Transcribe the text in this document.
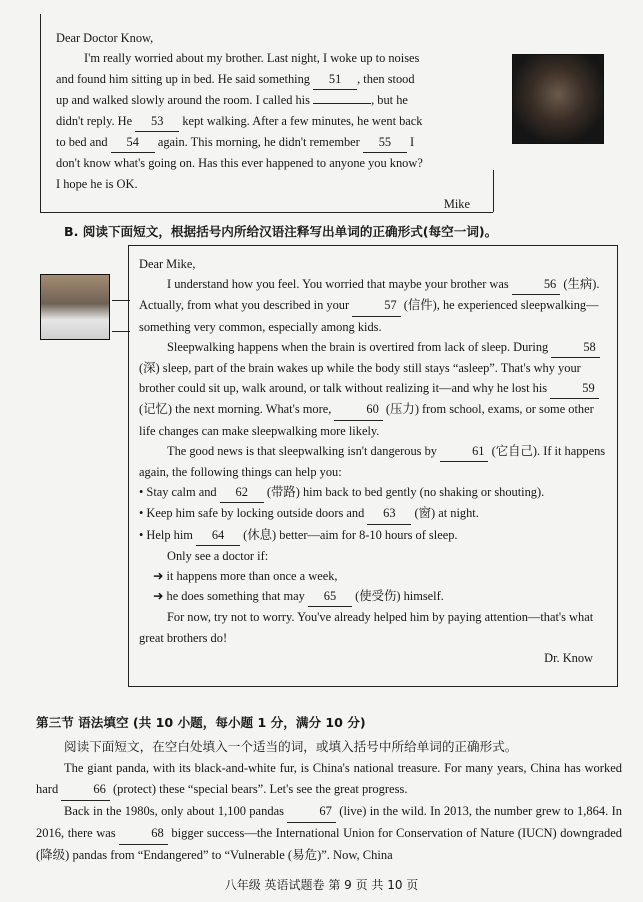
Dear Doctor Know,

I'm really worried about my brother. Last night, I woke up to noises

and found him sitting up in bed. He said something 51 , then stood

up and walked slowly around the room. I called his	, but he

didn't reply. He 53 kept walking. After a few minutes, he went back

to bed and 54 again. This morning, he didn't remember 55 I

don't know what's going on. Has this ever happened to anyone you know?

I hope he is OK.

Mike

B. 阅读下面短文，根据括号内所给汉语注释写出单词的正确形式(每空一词)。

Dear Mike,

I understand how you feel. You worried that maybe your brother was	56 (生病). Actually, from what you described in your	57 (信件), he experienced sleepwalking—something very common, especially among kids.

Sleepwalking happens when the brain is overtired from lack of sleep. During	58 (深) sleep, part of the brain wakes up while the body still stays “asleep”. That's why your brother could sit up, walk around, or talk without realizing it—and why he lost his	59 (记忆) the next morning. What's more,	60 (压力) from school, exams, or some other life changes can make sleepwalking more likely.

The good news is that sleepwalking isn't dangerous by	61 (它自己). If it happens again, the following things can help you:

• Stay calm and 62 (带路) him back to bed gently (no shaking or shouting).

• Keep him safe by locking outside doors and 63 (窗) at night.

• Help him 64 (休息) better—aim for 8-10 hours of sleep.

Only see a doctor if:

➜ it happens more than once a week,

➜ he does something that may 65 (使受伤) himself.

For now, try not to worry. You've already helped him by paying attention—that's what great brothers do!

Dr. Know

第三节 语法填空 (共 10 小题，每小题 1 分，满分 10 分)
阅读下面短文，在空白处填入一个适当的词，或填入括号中所给单词的正确形式。

The giant panda, with its black-and-white fur, is China's national treasure. For many years, China has worked hard	66 (protect) these “special bears”. Let's see the great progress.

Back in the 1980s, only about 1,100 pandas	67 (live) in the wild. In 2013, the number grew to 1,864. In 2016, there was	68 bigger success—the International Union for Conservation of Nature (IUCN) downgraded (降级) pandas from “Endangered” to “Vulnerable (易危)”. Now, China

八年级 英语试题卷 第 9 页 共 10 页
